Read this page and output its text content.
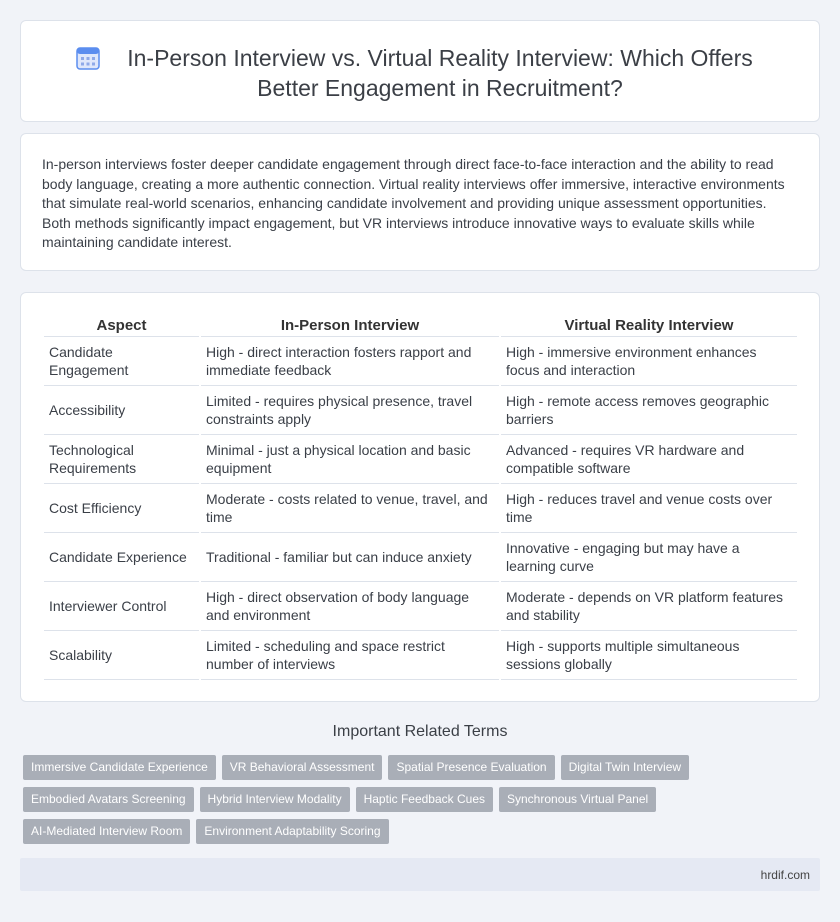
In-Person Interview vs. Virtual Reality Interview: Which Offers Better Engagement in Recruitment?

In-person interviews foster deeper candidate engagement through direct face-to-face interaction and the ability to read body language, creating a more authentic connection. Virtual reality interviews offer immersive, interactive environments that simulate real-world scenarios, enhancing candidate involvement and providing unique assessment opportunities. Both methods significantly impact engagement, but VR interviews introduce innovative ways to evaluate skills while maintaining candidate interest.

Aspect	In-Person Interview	Virtual Reality Interview
Candidate Engagement	High - direct interaction fosters rapport and immediate feedback	High - immersive environment enhances focus and interaction
Accessibility	Limited - requires physical presence, travel constraints apply	High - remote access removes geographic barriers
Technological Requirements	Minimal - just a physical location and basic equipment	Advanced - requires VR hardware and compatible software
Cost Efficiency	Moderate - costs related to venue, travel, and time	High - reduces travel and venue costs over time
Candidate Experience	Traditional - familiar but can induce anxiety	Innovative - engaging but may have a learning curve
Interviewer Control	High - direct observation of body language and environment	Moderate - depends on VR platform features and stability
Scalability	Limited - scheduling and space restrict number of interviews	High - supports multiple simultaneous sessions globally
Important Related Terms
Immersive Candidate Experience	VR Behavioral Assessment	Spatial Presence Evaluation	Digital Twin Interview
Embodied Avatars Screening	Hybrid Interview Modality	Haptic Feedback Cues	Synchronous Virtual Panel
AI-Mediated Interview Room	Environment Adaptability Scoring
hrdif.com
